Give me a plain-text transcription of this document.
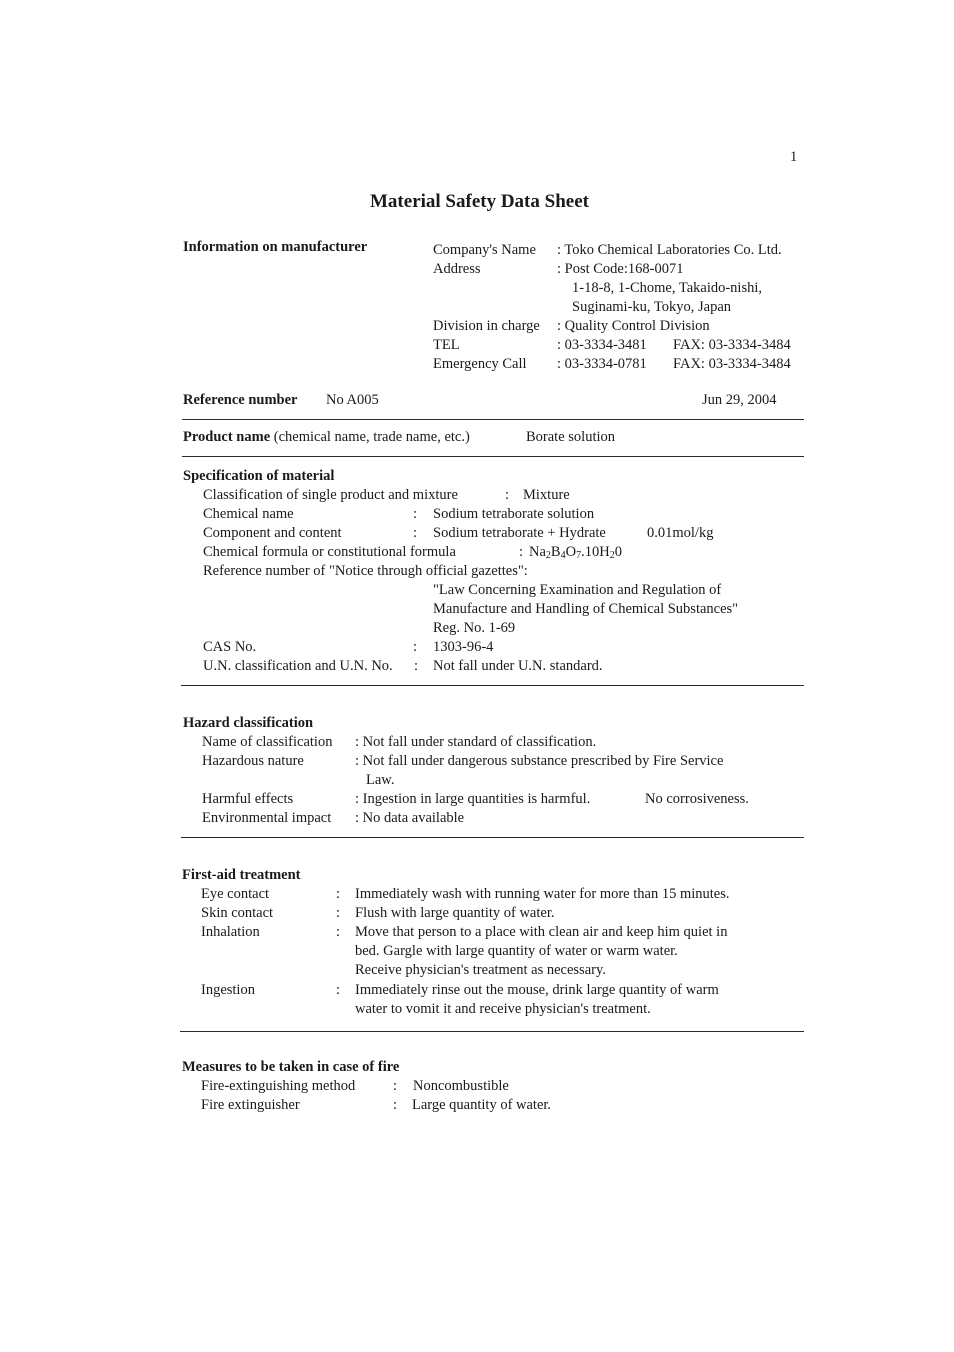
1
Material Safety Data Sheet
Information on manufacturer	Company's Name : Toko Chemical Laboratories Co. Ltd.
Address	: Post Code:168-0071
1-18-8, 1-Chome, Takaido-nishi,
Suginami-ku, Tokyo, Japan
Division in charge : Quality Control Division
TEL	: 03-3334-3481 FAX: 03-3334-3484
Emergency Call : 03-3334-0781 FAX: 03-3334-3484
Reference number No A005	Jun 29, 2004
Product name (chemical name, trade name, etc.)	Borate solution
Specification of material
Classification of single product and mixture	: Mixture
Chemical name	: Sodium tetraborate solution
Component and content	: Sodium tetraborate + Hydrate	0.01mol/kg
Chemical formula or constitutional formula	: $Na_2B_4O_7.10H_20$
Reference number of "Notice through official gazettes":
"Law Concerning Examination and Regulation of
Manufacture and Handling of Chemical Substances"
Reg. No. 1-69
CAS No.	: 1303-96-4
U.N. classification and U.N. No. : Not fall under U.N. standard.
Hazard classification
Name of classification : Not fall under standard of classification.
Hazardous nature	: Not fall under dangerous substance prescribed by Fire Service
Law.
Harmful effects	: Ingestion in large quantities is harmful.	No corrosiveness.
Environmental impact : No data available
First-aid treatment
Eye contact	: Immediately wash with running water for more than 15 minutes.
Skin contact	: Flush with large quantity of water.
Inhalation	: Move that person to a place with clean air and keep him quiet in
bed. Gargle with large quantity of water or warm water.
Receive physician's treatment as necessary.
Ingestion	: Immediately rinse out the mouse, drink large quantity of warm
water to vomit it and receive physician's treatment.
Measures to be taken in case of fire
Fire-extinguishing method	: Noncombustible
Fire extinguisher	: Large quantity of water.
